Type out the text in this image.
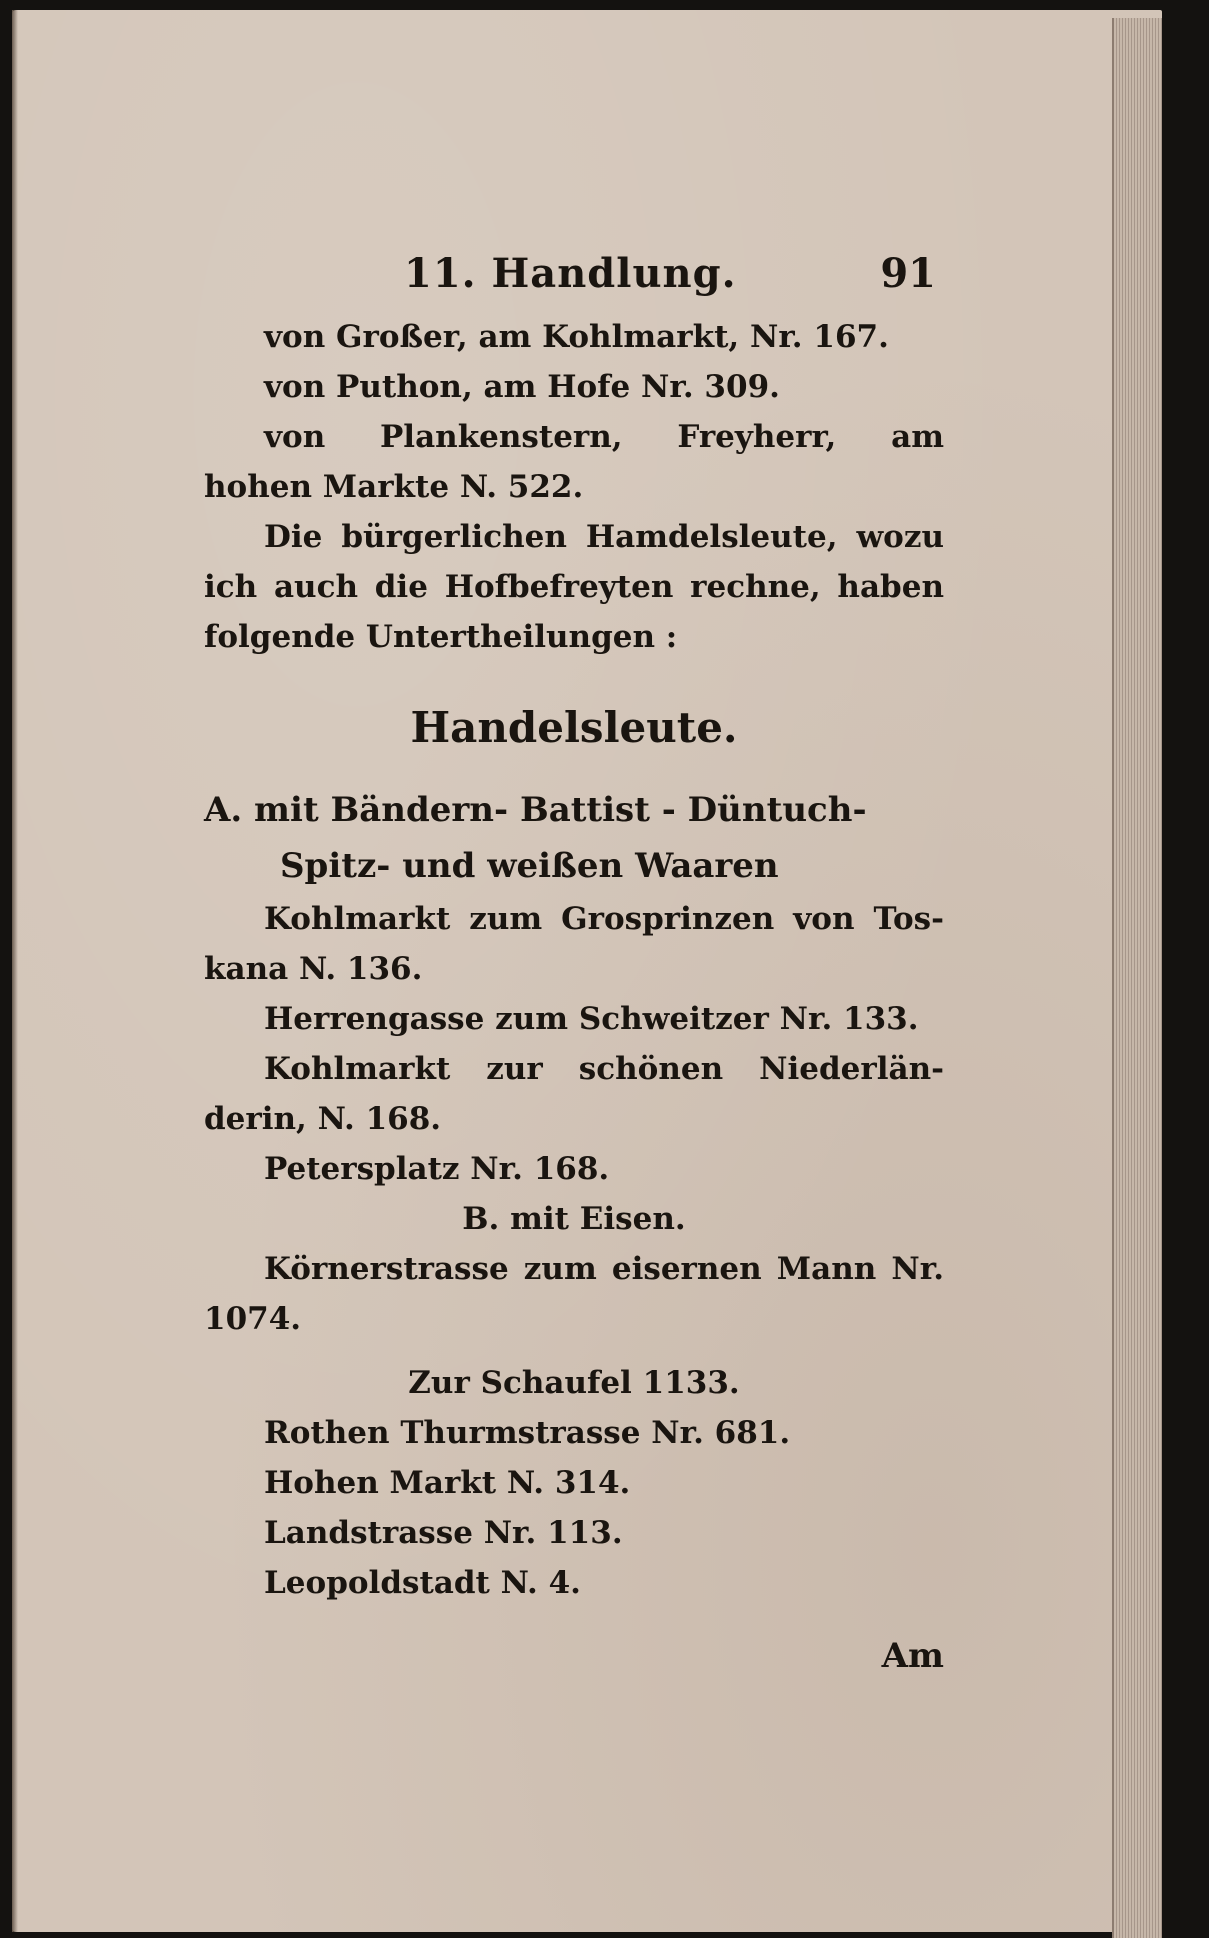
11. Handlung.	91
von Großer, am Kohlmarkt, Nr. 167.
von Puthon, am Hofe Nr. 309.
von Plankenstern, Freyherr, am
hohen Markte N. 522.
Die bürgerlichen Hamdelsleute, wozu
ich auch die Hofbefreyten rechne, haben
folgende Untertheilungen :
Handelsleute.
A. mit Bändern- Battist - Düntuch-
Spitz- und weißen Waaren
Kohlmarkt zum Grosprinzen von Tos-
kana N. 136.
Herrengasse zum Schweitzer Nr. 133.
Kohlmarkt zur schönen Niederlän-
derin, N. 168.
Petersplatz Nr. 168.
B. mit Eisen.
Körnerstrasse zum eisernen Mann Nr.
1074.
Zur Schaufel 1133.
Rothen Thurmstrasse Nr. 681.
Hohen Markt N. 314.
Landstrasse Nr. 113.
Leopoldstadt N. 4.
Am
